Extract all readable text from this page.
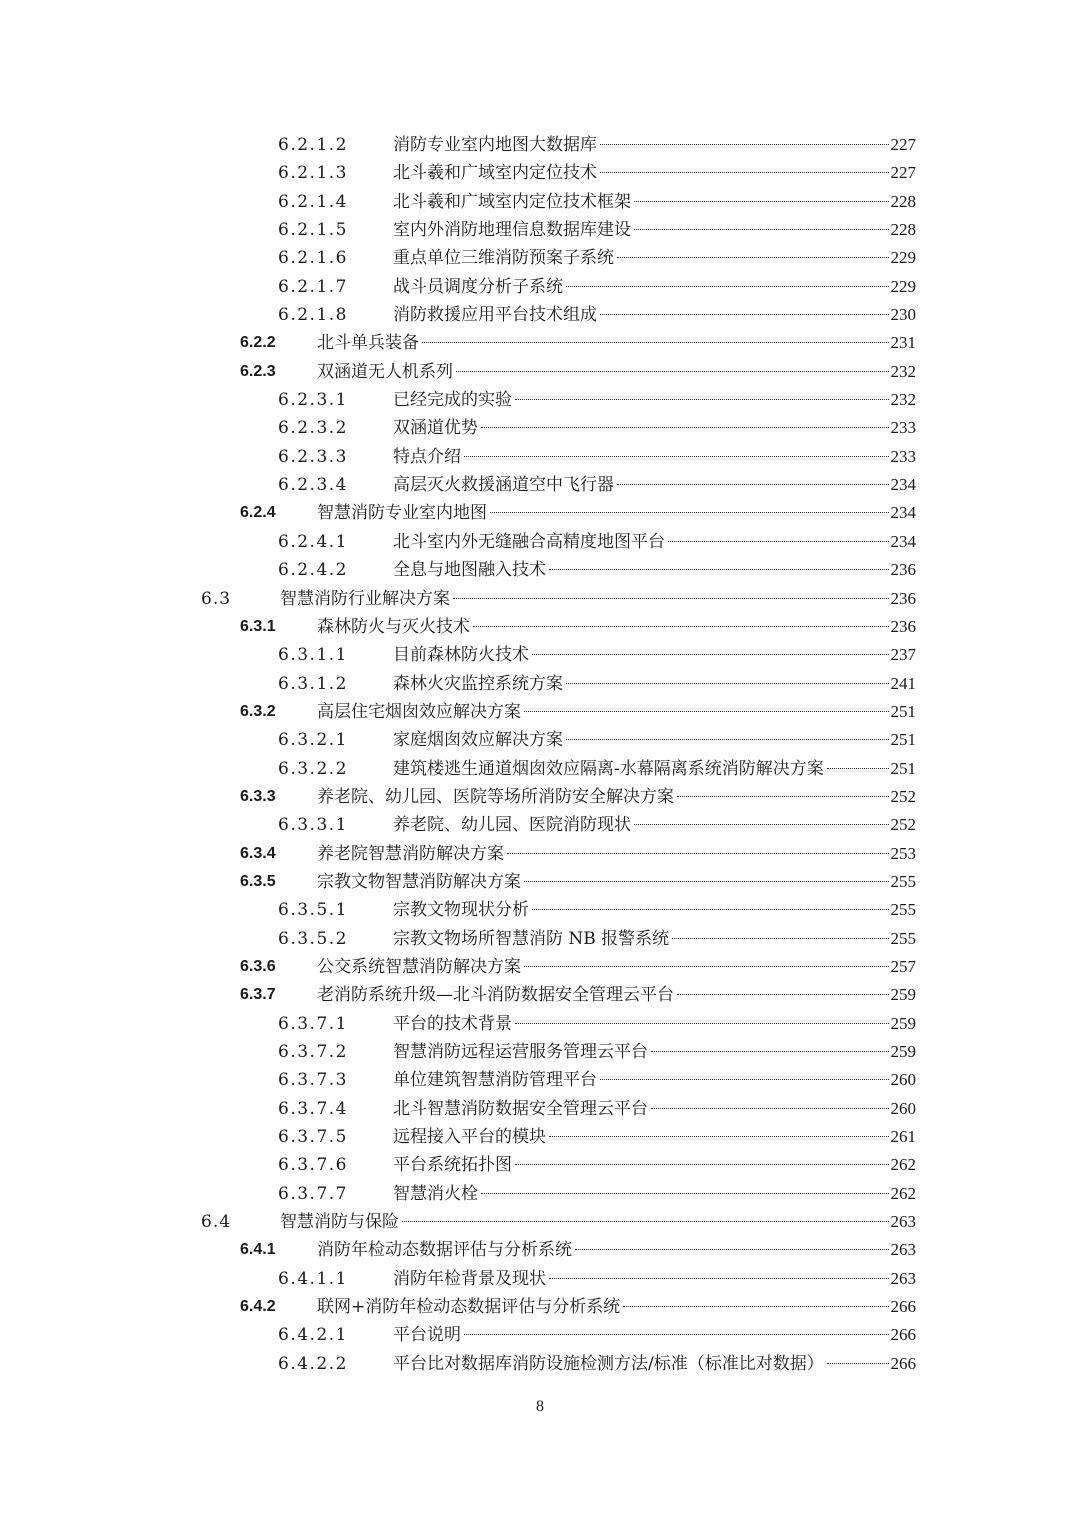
6.2.1.2	消防专业室内地图大数据库	227
6.2.1.3	北斗羲和广域室内定位技术	227
6.2.1.4	北斗羲和广域室内定位技术框架	228
6.2.1.5	室内外消防地理信息数据库建设	228
6.2.1.6	重点单位三维消防预案子系统	229
6.2.1.7	战斗员调度分析子系统	229
6.2.1.8	消防救援应用平台技术组成	230
6.2.2 北斗单兵装备	231
6.2.3 双涵道无人机系列	232
6.2.3.1	已经完成的实验	232
6.2.3.2	双涵道优势	233
6.2.3.3	特点介绍	233
6.2.3.4	高层灭火救援涵道空中飞行器	234
6.2.4 智慧消防专业室内地图	234
6.2.4.1	北斗室内外无缝融合高精度地图平台	234
6.2.4.2	全息与地图融入技术	236
6.3	智慧消防行业解决方案	236
6.3.1 森林防火与灭火技术	236
6.3.1.1	目前森林防火技术	237
6.3.1.2	森林火灾监控系统方案	241
6.3.2 高层住宅烟囱效应解决方案	251
6.3.2.1	家庭烟囱效应解决方案	251
6.3.2.2	建筑楼逃生通道烟囱效应隔离-水幕隔离系统消防解决方案	251
6.3.3 养老院、幼儿园、医院等场所消防安全解决方案	252
6.3.3.1	养老院、幼儿园、医院消防现状	252
6.3.4 养老院智慧消防解决方案	253
6.3.5 宗教文物智慧消防解决方案	255
6.3.5.1	宗教文物现状分析	255
6.3.5.2	宗教文物场所智慧消防 NB 报警系统	255
6.3.6 公交系统智慧消防解决方案	257
6.3.7 老消防系统升级—北斗消防数据安全管理云平台	259
6.3.7.1	平台的技术背景	259
6.3.7.2	智慧消防远程运营服务管理云平台	259
6.3.7.3	单位建筑智慧消防管理平台	260
6.3.7.4	北斗智慧消防数据安全管理云平台	260
6.3.7.5	远程接入平台的模块	261
6.3.7.6	平台系统拓扑图	262
6.3.7.7	智慧消火栓	262
6.4	智慧消防与保险	263
6.4.1 消防年检动态数据评估与分析系统	263
6.4.1.1	消防年检背景及现状	263
6.4.2 联网+消防年检动态数据评估与分析系统	266
6.4.2.1	平台说明	266
6.4.2.2	平台比对数据库消防设施检测方法/标准（标准比对数据）	266
8
